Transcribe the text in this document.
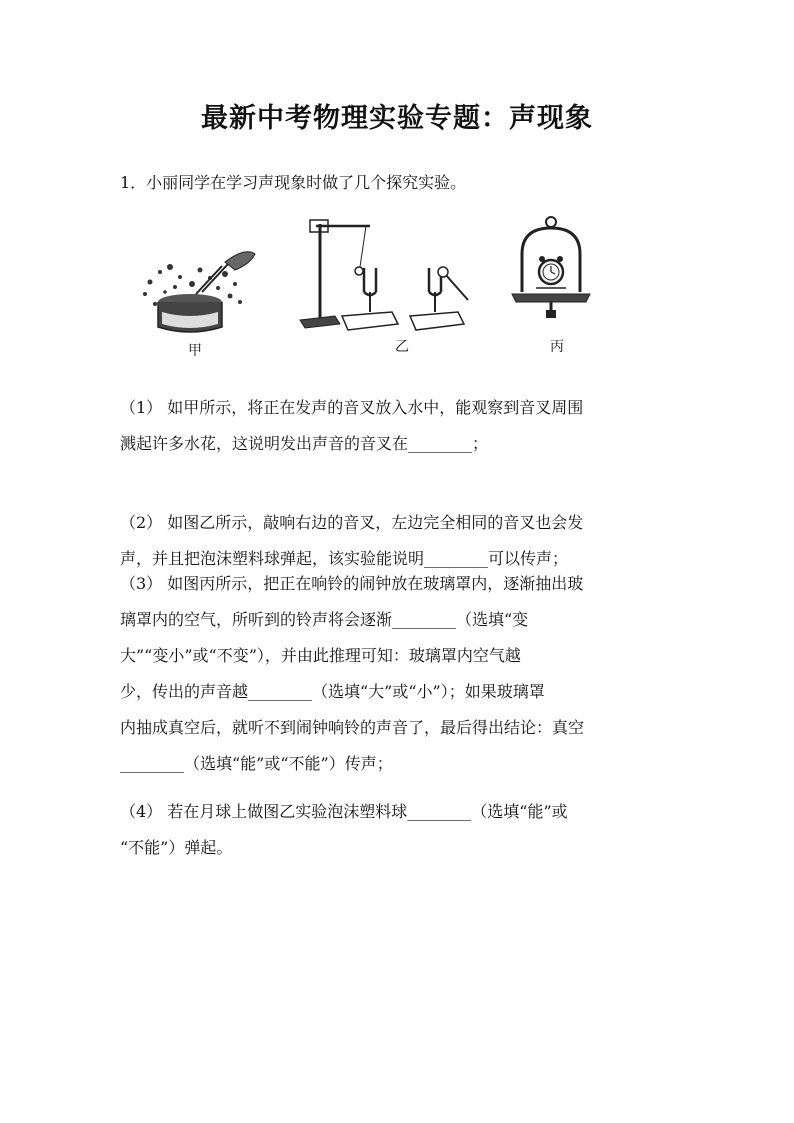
最新中考物理实验专题：声现象
1．小丽同学在学习声现象时做了几个探究实验。
甲	乙	丙
（1） 如甲所示，将正在发声的音叉放入水中，能观察到音叉周围
溅起许多水花，这说明发出声音的音叉在________；
（2） 如图乙所示，敲响右边的音叉，左边完全相同的音叉也会发
声，并且把泡沫塑料球弹起，该实验能说明________可以传声；
（3） 如图丙所示，把正在响铃的闹钟放在玻璃罩内，逐渐抽出玻
璃罩内的空气，所听到的铃声将会逐渐________（选填“变
大”“变小”或“不变”），并由此推理可知：玻璃罩内空气越
少，传出的声音越________（选填“大”或“小”）；如果玻璃罩
内抽成真空后，就听不到闹钟响铃的声音了，最后得出结论：真空
________（选填“能”或“不能”）传声；
（4） 若在月球上做图乙实验泡沫塑料球________（选填“能”或
“不能”）弹起。
